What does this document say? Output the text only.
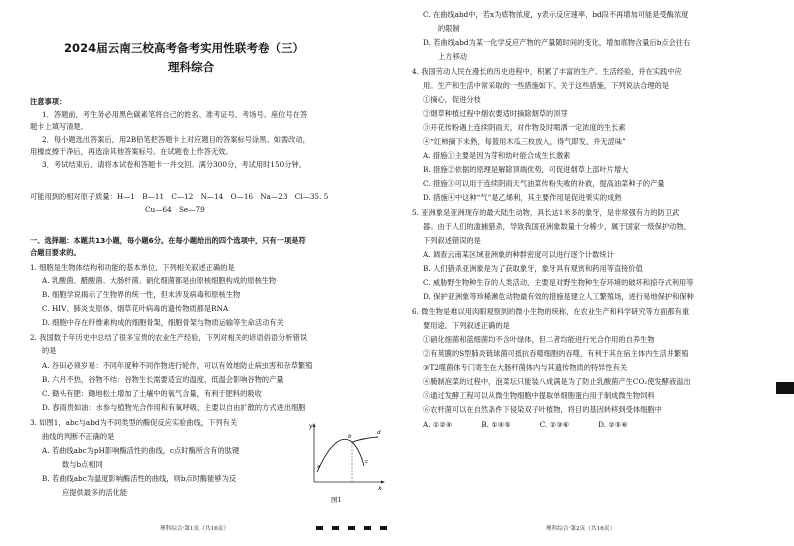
2024届云南三校高考备考实用性联考卷（三）
理科综合
注意事项：
1．答题前，考生务必用黑色碳素笔将自己的姓名、准考证号、考场号、座位号在答
题卡上填写清楚。
2．每小题选出答案后，用2B铅笔把答题卡上对应题目的答案标号涂黑。如需改动，
用橡皮擦干净后，再选涂其他答案标号。在试题卷上作答无效。
3．考试结束后，请将本试卷和答题卡一并交回。满分300分，考试用时150分钟。
可能用到的相对原子质量：H—1　B—11　C—12　N—14　O—16　Na—23　Cl—35. 5
Cu—64　Se—79
一、选择题：本题共13小题，每小题6分。在每小题给出的四个选项中，只有一项是符
合题目要求的。
1. 细胞是生物体结构和功能的基本单位，下列相关叙述正确的是
A. 乳酸菌、醋酸菌、大肠杆菌、硝化细菌都是由原核细胞构成的原核生物
B. 细胞学说揭示了生物界的统一性，但未涉及病毒和原核生物
C. HIV、肺炎支原体、烟草花叶病毒的遗传物质都是RNA
D. 细胞中存在纤维素构成的细胞骨架，细胞骨架与物质运输等生命活动有关
2. 我国数千年历史中总结了很多宝贵的农业生产经验，下列对相关的谚语俗语分析错误
的是
A. 谷田必须岁易：不同年度种不同作物进行轮作，可以有效地防止病虫害和杂草繁殖
B. 六月不热，谷物不结：谷物生长需要适宜的温度，低温会影响谷物的产量
C. 锄头有肥：锄地松土增加了土壤中的氧气含量，有利于肥料的吸收
D. 春雨贵如油：水参与植物光合作用和有氧呼吸，主要以自由扩散的方式进出细胞
3. 如图1，abc与abd为不同类型的酶促反应实验曲线，下列有关
曲线的判断不正确的是
A. 若曲线abc为pH影响酶活性的曲线，c点时酶所含有的肽键
数与b点相同
B. 若曲线abc为温度影响酶活性的曲线，则b点时酶能够为反
应提供最多的活化能
y
x
a
b
c
d
图1
理科综合·第1页（共16页）
C. 在曲线abd中，若x为底物浓度，y表示反应速率，bd段不再增加可能是受酶浓度
的限制
D. 若曲线abd为某一化学反应产物的产量随时间的变化，增加底物含量后b点会往右
上方移动
4. 我国劳动人民在漫长的历史进程中，积累了丰富的生产、生活经验，并在实践中应
用。生产和生活中常采取的一些措施如下。关于这些措施，下列说法合理的是
①摘心，促进分枝
②烟草种植过程中烟农要适时摘除烟草的顶芽
③开花传粉遇上连续阴雨天，对作物及时喷洒一定浓度的生长素
④“红柿摘下未熟，每篮用木瓜三枚放入，得气即发，并无涩味”
A. 措施①主要是因为芽和幼叶能合成生长激素
B. 措施②依据的原理是解除顶端优势，可促进烟草上部叶片增大
C. 措施③可以用于连续阴雨天气油菜传粉失败的补救，提高油菜种子的产量
D. 措施④中这种“气”是乙烯利，其主要作用是促进果实的成熟
5. 亚洲象是亚洲现存的最大陆生动物，具长达1米多的象牙，是非常强有力的防卫武
器。由于人们的滥捕猎杀，导致我国亚洲象数量十分稀少，属于国家一级保护动物。
下列叙述错误的是
A. 调查云南某区域亚洲象的种群密度可以进行逐个计数统计
B. 人们猎杀亚洲象是为了获取象牙，象牙具有观赏和药用等直接价值
C. 威胁野生物种生存的人类活动，主要是对野生物种生存环境的破坏和掠夺式利用等
D. 保护亚洲象等珍稀濒危动物最有效的措施是建立人工繁殖场，进行易地保护和保种
6. 微生物是难以用肉眼观察到的微小生物的统称，在农业生产和科学研究等方面都有重
要用途。下列叙述正确的是
①硝化细菌和蓝细菌均不含叶绿体，但二者均能进行光合作用的自养生物
②有荚膜的S型肺炎链球菌可抵抗吞噬细胞的吞噬，有利于其在宿主体内生活并繁殖
③T2噬菌体专门寄生在大肠杆菌体内与其遗传物质的特异性有关
④腌制泡菜的过程中，泡菜坛只能装八成满是为了防止乳酸菌产生CO₂使发酵液溢出
⑤通过发酵工程可以从微生物细胞中提取单细胞蛋白用于制成微生物饲料
⑥农杆菌可以在自然条件下侵染双子叶植物，将目的基因转移到受体细胞中
A. ①②④　　　　B. ①④⑤　　　　C. ②③⑥　　　　D. ②⑤⑥
理科综合·第2页（共16页）
